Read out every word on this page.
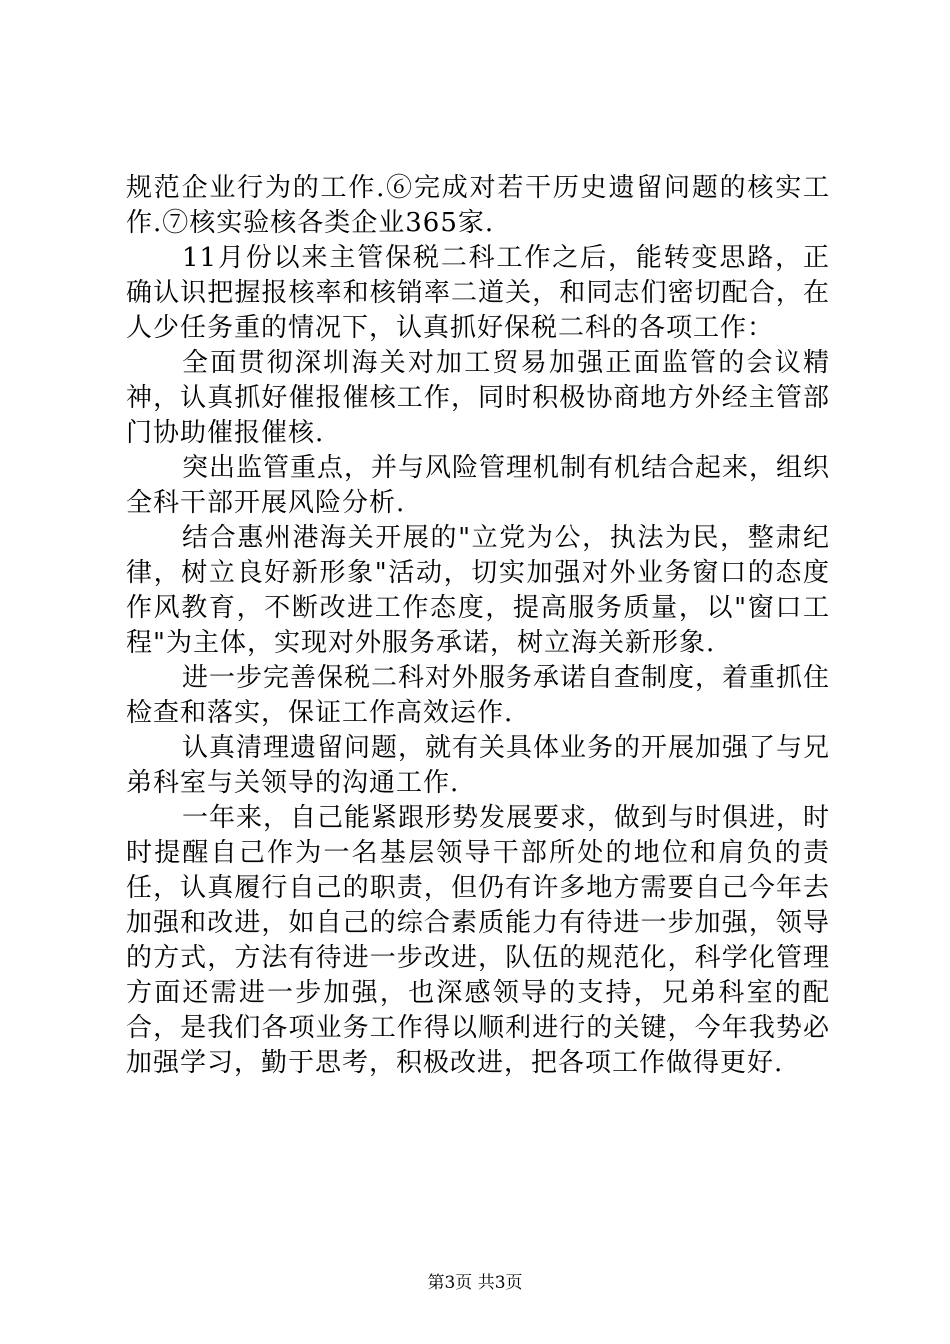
规范企业行为的工作.⑥完成对若干历史遗留问题的核实工作.⑦核实验核各类企业365家.

11月份以来主管保税二科工作之后，能转变思路，正确认识把握报核率和核销率二道关，和同志们密切配合，在人少任务重的情况下，认真抓好保税二科的各项工作：

全面贯彻深圳海关对加工贸易加强正面监管的会议精神，认真抓好催报催核工作，同时积极协商地方外经主管部门协助催报催核.

突出监管重点，并与风险管理机制有机结合起来，组织全科干部开展风险分析.

结合惠州港海关开展的"立党为公，执法为民，整肃纪律，树立良好新形象"活动，切实加强对外业务窗口的态度作风教育，不断改进工作态度，提高服务质量，以"窗口工程"为主体，实现对外服务承诺，树立海关新形象.

进一步完善保税二科对外服务承诺自查制度，着重抓住检查和落实，保证工作高效运作.

认真清理遗留问题，就有关具体业务的开展加强了与兄弟科室与关领导的沟通工作.

一年来，自己能紧跟形势发展要求，做到与时俱进，时时提醒自己作为一名基层领导干部所处的地位和肩负的责任，认真履行自己的职责，但仍有许多地方需要自己今年去加强和改进，如自己的综合素质能力有待进一步加强，领导的方式，方法有待进一步改进，队伍的规范化，科学化管理方面还需进一步加强，也深感领导的支持，兄弟科室的配合，是我们各项业务工作得以顺利进行的关键，今年我势必加强学习，勤于思考，积极改进，把各项工作做得更好.

第3页 共3页
